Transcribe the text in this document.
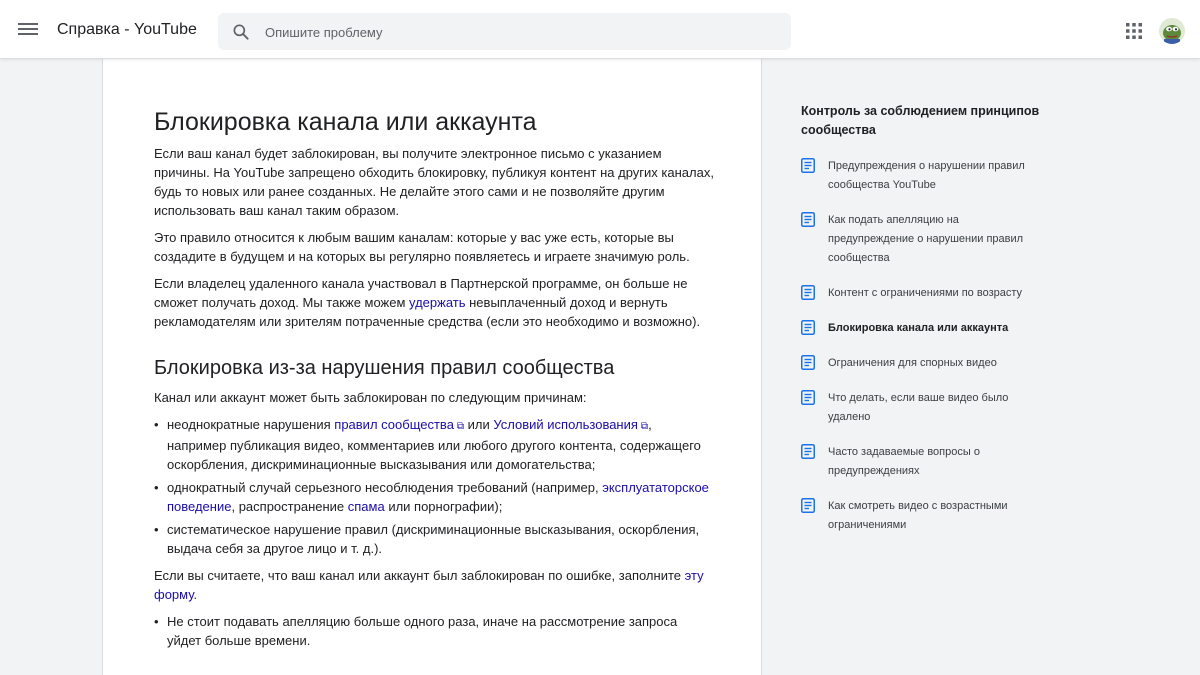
Справка - YouTube
Опишите проблему
Блокировка канала или аккаунта

Если ваш канал будет заблокирован, вы получите электронное письмо с указанием причины. На YouTube запрещено обходить блокировку, публикуя контент на других каналах, будь то новых или ранее созданных. Не делайте этого сами и не позволяйте другим использовать ваш канал таким образом.

Это правило относится к любым вашим каналам: которые у вас уже есть, которые вы создадите в будущем и на которых вы регулярно появляетесь и играете значимую роль.

Если владелец удаленного канала участвовал в Партнерской программе, он больше не сможет получать доход. Мы также можем удержать невыплаченный доход и вернуть рекламодателям или зрителям потраченные средства (если это необходимо и возможно).

Блокировка из-за нарушения правил сообщества

Канал или аккаунт может быть заблокирован по следующим причинам:

• неоднократные нарушения правил сообщества ⧉ или Условий использования ⧉, например публикация видео, комментариев или любого другого контента, содержащего оскорбления, дискриминационные высказывания или домогательства;
• однократный случай серьезного несоблюдения требований (например, эксплуататорское поведение, распространение спама или порнографии);
• систематическое нарушение правил (дискриминационные высказывания, оскорбления, выдача себя за другое лицо и т. д.).

Если вы считаете, что ваш канал или аккаунт был заблокирован по ошибке, заполните эту форму.

• Не стоит подавать апелляцию больше одного раза, иначе на рассмотрение запроса уйдет больше времени.
Контроль за соблюдением принципов сообщества
Предупреждения о нарушении правил сообщества YouTube
Как подать апелляцию на предупреждение о нарушении правил сообщества
Контент с ограничениями по возрасту
Блокировка канала или аккаунта
Ограничения для спорных видео
Что делать, если ваше видео было удалено
Часто задаваемые вопросы о предупреждениях
Как смотреть видео с возрастными ограничениями
